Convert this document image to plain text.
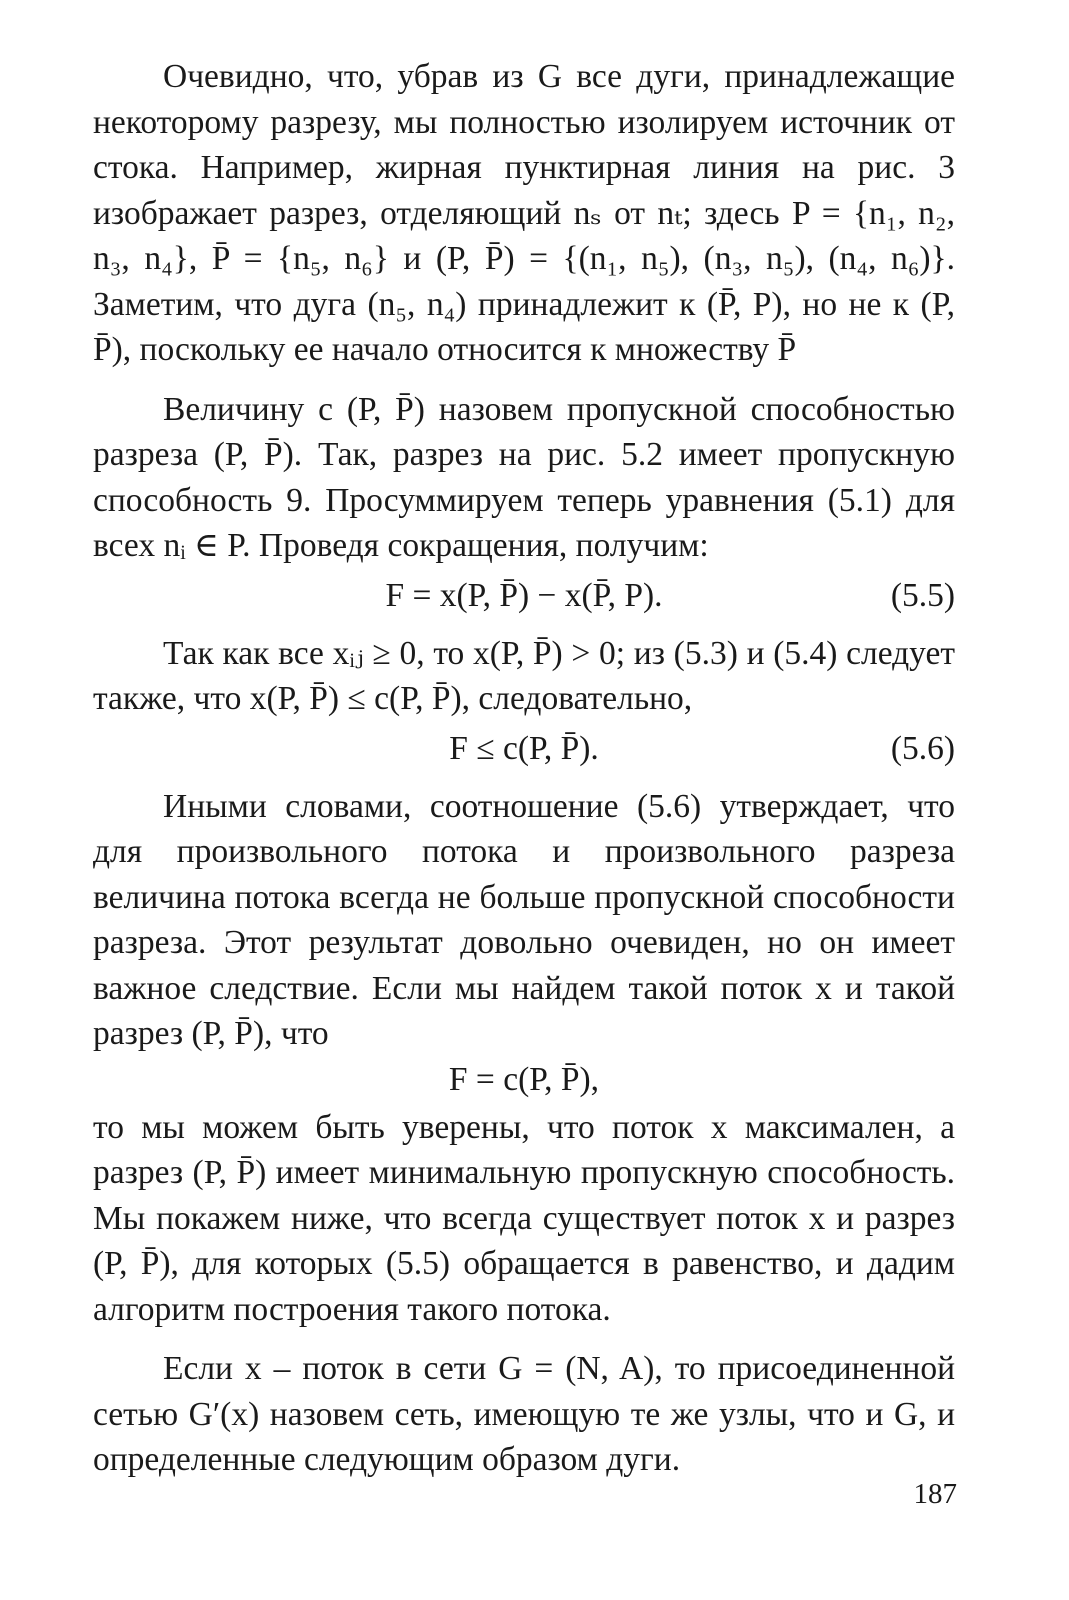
Очевидно, что, убрав из G все дуги, принадлежащие некоторому разрезу, мы полностью изолируем источник от стока. Например, жирная пунктирная линия на рис. 3 изображает разрез, отделяющий nₛ от nₜ; здесь P = {n₁, n₂, n₃, n₄}, P̄ = {n₅, n₆} и (P, P̄) = {(n₁, n₅), (n₃, n₅), (n₄, n₆)}. Заметим, что дуга (n₅, n₄) принадлежит к (P̄, P), но не к (P, P̄), поскольку ее начало относится к множеству P̄

Величину c (P, P̄) назовем пропускной способностью разреза (P, P̄). Так, разрез на рис. 5.2 имеет пропускную способность 9. Просуммируем теперь уравнения (5.1) для всех nᵢ ∈ P. Проведя сокращения, получим:

F = x(P, P̄) − x(P̄, P).	(5.5)

Так как все xᵢⱼ ≥ 0, то x(P, P̄) > 0; из (5.3) и (5.4) следует также, что x(P, P̄) ≤ c(P, P̄), следовательно,

F ≤ c(P, P̄).	(5.6)

Иными словами, соотношение (5.6) утверждает, что для произвольного потока и произвольного разреза величина потока всегда не больше пропускной способности разреза. Этот результат довольно очевиден, но он имеет важное следствие. Если мы найдем такой поток x и такой разрез (P, P̄), что

F = c(P, P̄),

то мы можем быть уверены, что поток x максимален, а разрез (P, P̄) имеет минимальную пропускную способность. Мы покажем ниже, что всегда существует поток x и разрез (P, P̄), для которых (5.5) обращается в равенство, и дадим алгоритм построения такого потока.

Если x – поток в сети G = (N, A), то присоединенной сетью G′(x) назовем сеть, имеющую те же узлы, что и G, и определенные следующим образом дуги.

187
